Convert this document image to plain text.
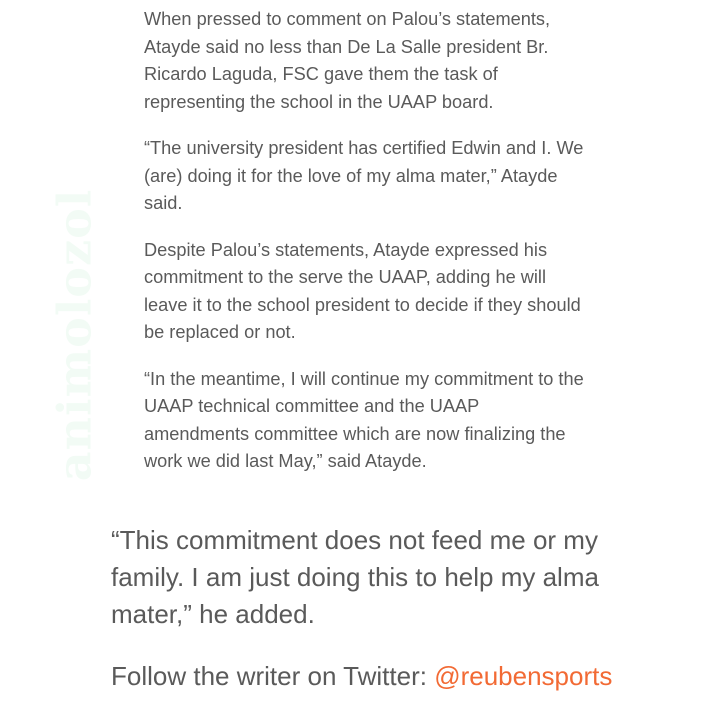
animolozol

When pressed to comment on Palou’s statements, Atayde said no less than De La Salle president Br. Ricardo Laguda, FSC gave them the task of representing the school in the UAAP board.

“The university president has certified Edwin and I. We (are) doing it for the love of my alma mater,” Atayde said.

Despite Palou’s statements, Atayde expressed his commitment to the serve the UAAP, adding he will leave it to the school president to decide if they should be replaced or not.

“In the meantime, I will continue my commitment to the UAAP technical committee and the UAAP amendments committee which are now finalizing the work we did last May,” said Atayde.

“This commitment does not feed me or my family. I am just doing this to help my alma mater,” he added.

Follow the writer on Twitter: @reubensports
